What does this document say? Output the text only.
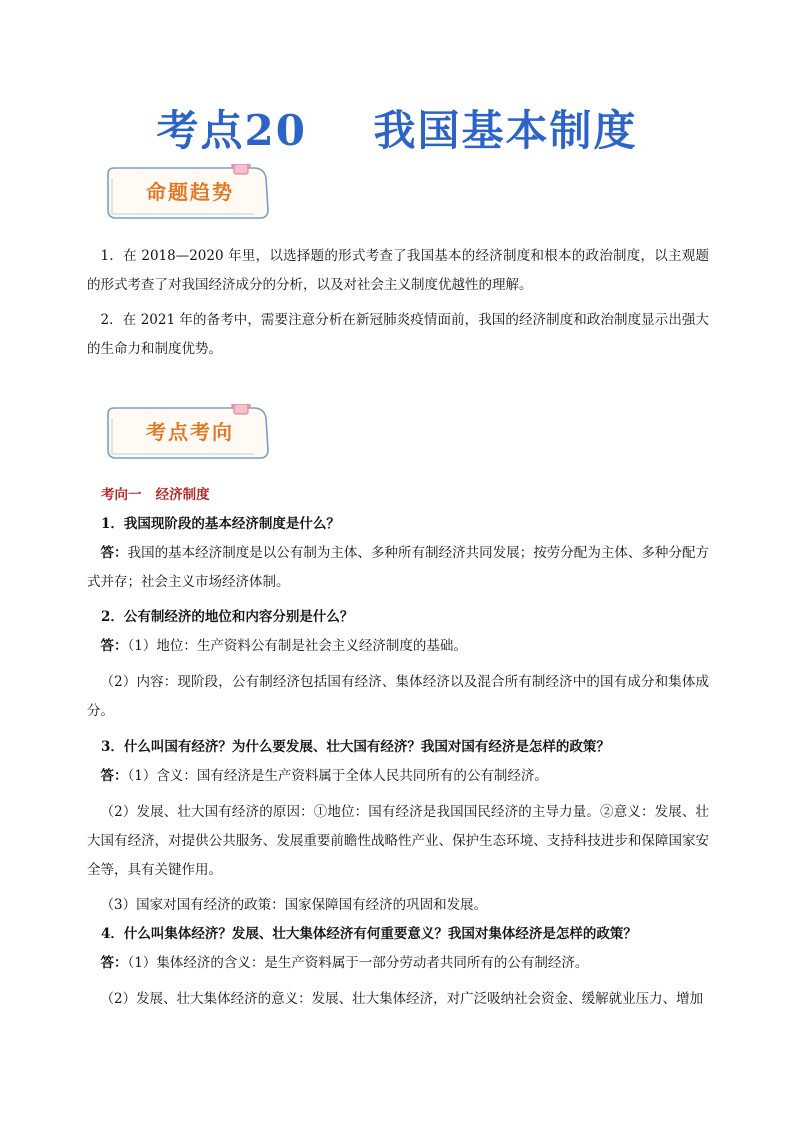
考点20    我国基本制度
命题趋势
1．在 2018—2020 年里，以选择题的形式考查了我国基本的经济制度和根本的政治制度，以主观题的形式考查了对我国经济成分的分析，以及对社会主义制度优越性的理解。
2．在 2021 年的备考中，需要注意分析在新冠肺炎疫情面前，我国的经济制度和政治制度显示出强大的生命力和制度优势。
考点考向
考向一   经济制度
1．我国现阶段的基本经济制度是什么？
答：我国的基本经济制度是以公有制为主体、多种所有制经济共同发展；按劳分配为主体、多种分配方式并存；社会主义市场经济体制。
2．公有制经济的地位和内容分别是什么？
答：（1）地位：生产资料公有制是社会主义经济制度的基础。
（2）内容：现阶段，公有制经济包括国有经济、集体经济以及混合所有制经济中的国有成分和集体成分。
3．什么叫国有经济？为什么要发展、壮大国有经济？我国对国有经济是怎样的政策？
答：（1）含义：国有经济是生产资料属于全体人民共同所有的公有制经济。
（2）发展、壮大国有经济的原因：①地位：国有经济是我国国民经济的主导力量。②意义：发展、壮大国有经济，对提供公共服务、发展重要前瞻性战略性产业、保护生态环境、支持科技进步和保障国家安全等，具有关键作用。
（3）国家对国有经济的政策：国家保障国有经济的巩固和发展。
4．什么叫集体经济？发展、壮大集体经济有何重要意义？我国对集体经济是怎样的政策？
答：（1）集体经济的含义：是生产资料属于一部分劳动者共同所有的公有制经济。
（2）发展、壮大集体经济的意义：发展、壮大集体经济，对广泛吸纳社会资金、缓解就业压力、增加
